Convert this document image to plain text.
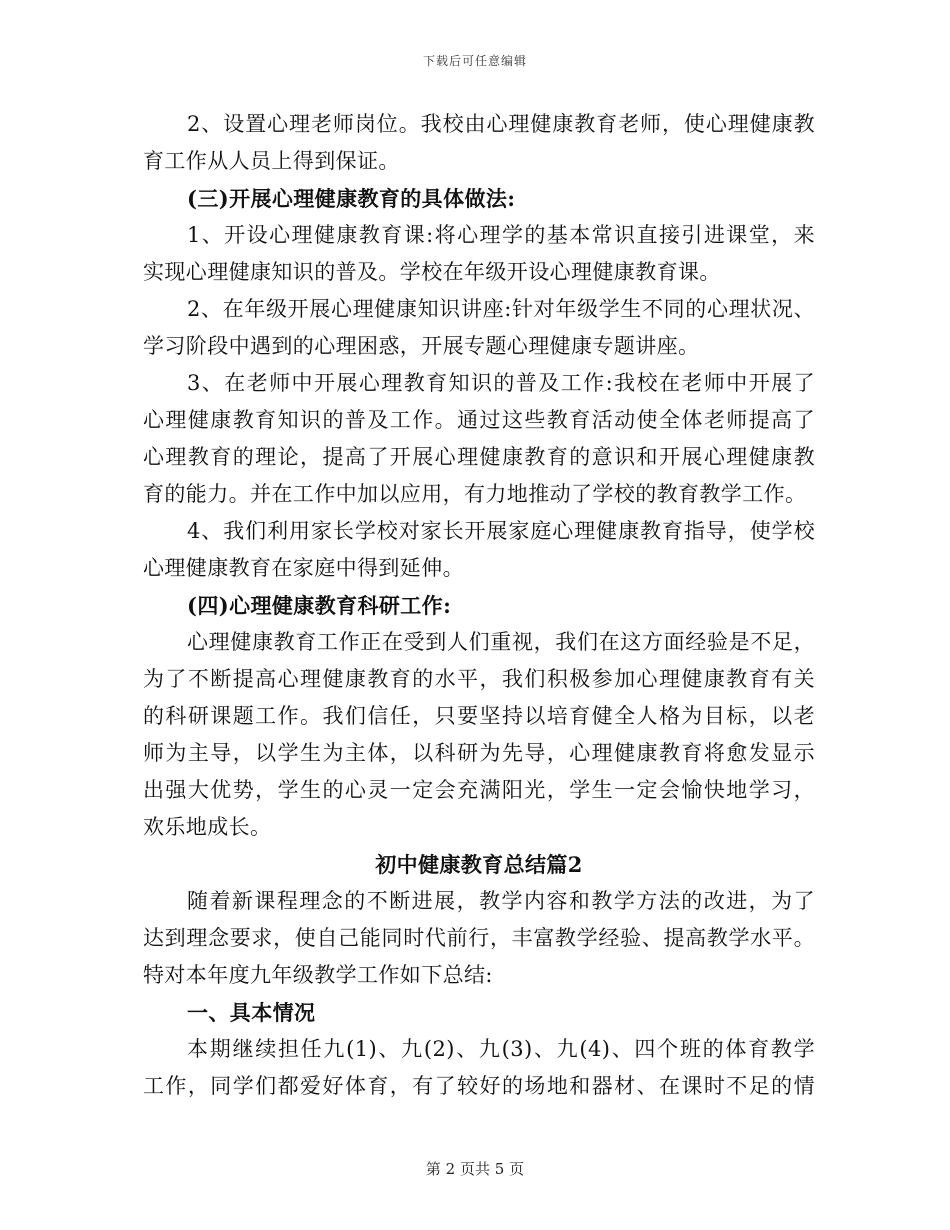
下载后可任意编辑
2、设置心理老师岗位。我校由心理健康教育老师，使心理健康教
育工作从人员上得到保证。
(三)开展心理健康教育的具体做法:
1、开设心理健康教育课:将心理学的基本常识直接引进课堂，来
实现心理健康知识的普及。学校在年级开设心理健康教育课。
2、在年级开展心理健康知识讲座:针对年级学生不同的心理状况、
学习阶段中遇到的心理困惑，开展专题心理健康专题讲座。
3、在老师中开展心理教育知识的普及工作:我校在老师中开展了
心理健康教育知识的普及工作。通过这些教育活动使全体老师提高了
心理教育的理论，提高了开展心理健康教育的意识和开展心理健康教
育的能力。并在工作中加以应用，有力地推动了学校的教育教学工作。
4、我们利用家长学校对家长开展家庭心理健康教育指导，使学校
心理健康教育在家庭中得到延伸。
(四)心理健康教育科研工作:
心理健康教育工作正在受到人们重视，我们在这方面经验是不足，
为了不断提高心理健康教育的水平，我们积极参加心理健康教育有关
的科研课题工作。我们信任，只要坚持以培育健全人格为目标，以老
师为主导，以学生为主体，以科研为先导，心理健康教育将愈发显示
出强大优势，学生的心灵一定会充满阳光，学生一定会愉快地学习，
欢乐地成长。
初中健康教育总结篇2
随着新课程理念的不断进展，教学内容和教学方法的改进，为了
达到理念要求，使自己能同时代前行，丰富教学经验、提高教学水平。
特对本年度九年级教学工作如下总结:
一、具本情况
本期继续担任九(1)、九(2)、九(3)、九(4)、四个班的体育教学
工作，同学们都爱好体育，有了较好的场地和器材、在课时不足的情
第 2 页共 5 页
